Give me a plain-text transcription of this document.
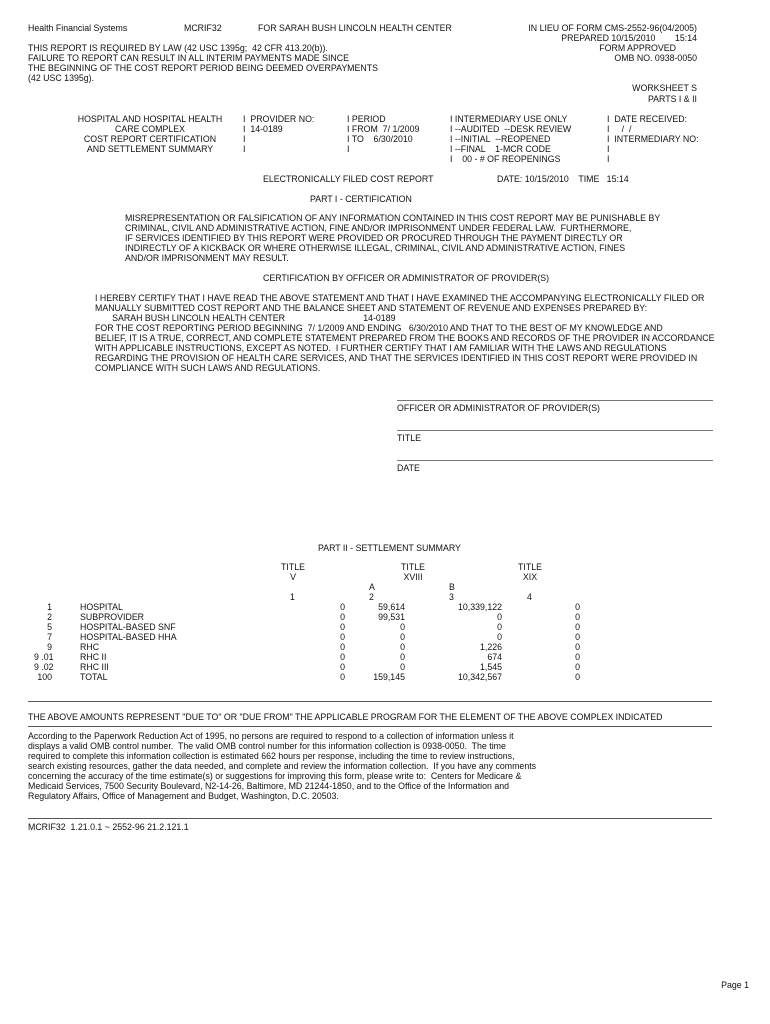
Health Financial Systems	MCRIF32	FOR SARAH BUSH LINCOLN HEALTH CENTER	IN LIEU OF FORM CMS-2552-96(04/2005)
PREPARED 10/15/2010        15:14
FORM APPROVED
OMB NO. 0938-0050
THIS REPORT IS REQUIRED BY LAW (42 USC 1395g;  42 CFR 413.20(b)).
FAILURE TO REPORT CAN RESULT IN ALL INTERIM PAYMENTS MADE SINCE
THE BEGINNING OF THE COST REPORT PERIOD BEING DEEMED OVERPAYMENTS
(42 USC 1395g).
WORKSHEET S
PARTS I & II
HOSPITAL AND HOSPITAL HEALTH
CARE COMPLEX
COST REPORT CERTIFICATION
AND SETTLEMENT SUMMARY
I  PROVIDER NO:
I  14-0189
I
I
I PERIOD
I FROM  7/ 1/2009
I TO    6/30/2010
I
I INTERMEDIARY USE ONLY
I --AUDITED  --DESK REVIEW
I --INITIAL  --REOPENED
I --FINAL    1-MCR CODE
I    00 - # OF REOPENINGS
I  DATE RECEIVED:
I     /  /
I  INTERMEDIARY NO:
I
I
ELECTRONICALLY FILED COST REPORT	DATE: 10/15/2010    TIME   15:14
PART I - CERTIFICATION
MISREPRESENTATION OR FALSIFICATION OF ANY INFORMATION CONTAINED IN THIS COST REPORT MAY BE PUNISHABLE BY
CRIMINAL, CIVIL AND ADMINISTRATIVE ACTION, FINE AND/OR IMPRISONMENT UNDER FEDERAL LAW.  FURTHERMORE,
IF SERVICES IDENTIFIED BY THIS REPORT WERE PROVIDED OR PROCURED THROUGH THE PAYMENT DIRECTLY OR
INDIRECTLY OF A KICKBACK OR WHERE OTHERWISE ILLEGAL, CRIMINAL, CIVIL AND ADMINISTRATIVE ACTION, FINES
AND/OR IMPRISONMENT MAY RESULT.
CERTIFICATION BY OFFICER OR ADMINISTRATOR OF PROVIDER(S)
I HEREBY CERTIFY THAT I HAVE READ THE ABOVE STATEMENT AND THAT I HAVE EXAMINED THE ACCOMPANYING ELECTRONICALLY FILED OR
MANUALLY SUBMITTED COST REPORT AND THE BALANCE SHEET AND STATEMENT OF REVENUE AND EXPENSES PREPARED BY:
SARAH BUSH LINCOLN HEALTH CENTER                                14-0189
FOR THE COST REPORTING PERIOD BEGINNING  7/ 1/2009 AND ENDING   6/30/2010 AND THAT TO THE BEST OF MY KNOWLEDGE AND
BELIEF, IT IS A TRUE, CORRECT, AND COMPLETE STATEMENT PREPARED FROM THE BOOKS AND RECORDS OF THE PROVIDER IN ACCORDANCE
WITH APPLICABLE INSTRUCTIONS, EXCEPT AS NOTED.  I FURTHER CERTIFY THAT I AM FAMILIAR WITH THE LAWS AND REGULATIONS
REGARDING THE PROVISION OF HEALTH CARE SERVICES, AND THAT THE SERVICES IDENTIFIED IN THIS COST REPORT WERE PROVIDED IN
COMPLIANCE WITH SUCH LAWS AND REGULATIONS.
OFFICER OR ADMINISTRATOR OF PROVIDER(S)
TITLE
DATE
PART II - SETTLEMENT SUMMARY
TITLE
V
TITLE
XVIII
TITLE
XIX
A	B
1	2	3	4
1	HOSPITAL	0	59,614	10,339,122	0
2	SUBPROVIDER	0	99,531	0	0
5	HOSPITAL-BASED SNF	0	0	0	0
7	HOSPITAL-BASED HHA	0	0	0	0
9	RHC	0	0	1,226	0
9 .01	RHC II	0	0	674	0
9 .02	RHC III	0	0	1,545	0
100	TOTAL	0	159,145	10,342,567	0
THE ABOVE AMOUNTS REPRESENT "DUE TO" OR "DUE FROM" THE APPLICABLE PROGRAM FOR THE ELEMENT OF THE ABOVE COMPLEX INDICATED
According to the Paperwork Reduction Act of 1995, no persons are required to respond to a collection of information unless it
displays a valid OMB control number.  The valid OMB control number for this information collection is 0938-0050.  The time
required to complete this information collection is estimated 662 hours per response, including the time to review instructions,
search existing resources, gather the data needed, and complete and review the information collection.  If you have any comments
concerning the accuracy of the time estimate(s) or suggestions for improving this form, please write to:  Centers for Medicare &
Medicaid Services, 7500 Security Boulevard, N2-14-26, Baltimore, MD 21244-1850, and to the Office of the Information and
Regulatory Affairs, Office of Management and Budget, Washington, D.C. 20503.
MCRIF32  1.21.0.1 ~ 2552-96 21.2.121.1
Page 1
